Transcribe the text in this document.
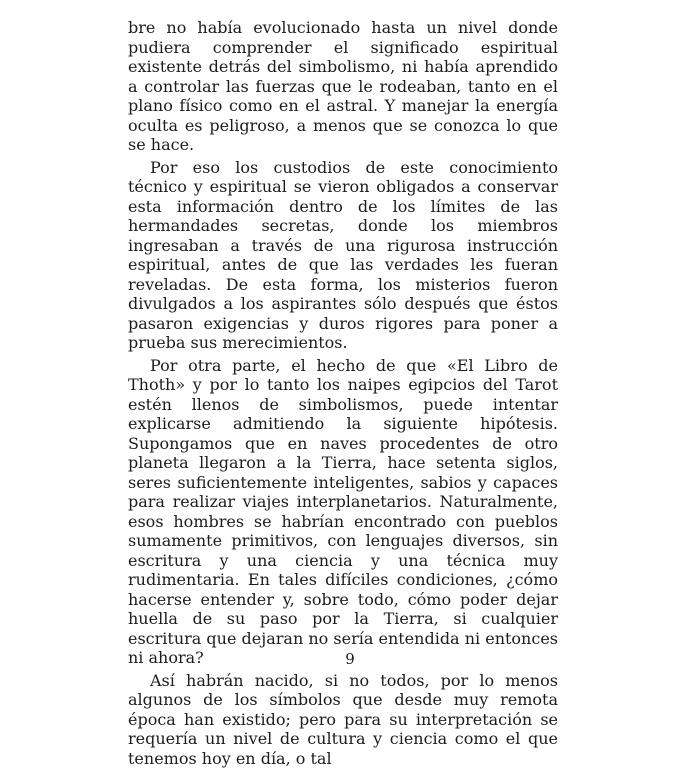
bre no había evolucionado hasta un nivel donde pudiera comprender el significado espiritual existente detrás del simbolismo, ni había aprendido a controlar las fuerzas que le rodeaban, tanto en el plano físico como en el astral. Y manejar la energía oculta es peligroso, a menos que se conozca lo que se hace.

Por eso los custodios de este conocimiento técnico y espiritual se vieron obligados a conservar esta información dentro de los límites de las hermandades secretas, donde los miembros ingresaban a través de una rigurosa instrucción espiritual, antes de que las verdades les fueran reveladas. De esta forma, los misterios fueron divulgados a los aspirantes sólo después que éstos pasaron exigencias y duros rigores para poner a prueba sus merecimientos.

Por otra parte, el hecho de que «El Libro de Thoth» y por lo tanto los naipes egipcios del Tarot estén llenos de simbolismos, puede intentar explicarse admitiendo la siguiente hipótesis. Supongamos que en naves procedentes de otro planeta llegaron a la Tierra, hace setenta siglos, seres suficientemente inteligentes, sabios y capaces para realizar viajes interplanetarios. Naturalmente, esos hombres se habrían encontrado con pueblos sumamente primitivos, con lenguajes diversos, sin escritura y una ciencia y una técnica muy rudimentaria. En tales difíciles condiciones, ¿cómo hacerse entender y, sobre todo, cómo poder dejar huella de su paso por la Tierra, si cualquier escritura que dejaran no sería entendida ni entonces ni ahora?

Así habrán nacido, si no todos, por lo menos algunos de los símbolos que desde muy remota época han existido; pero para su interpretación se requería un nivel de cultura y ciencia como el que tenemos hoy en día, o tal

9
